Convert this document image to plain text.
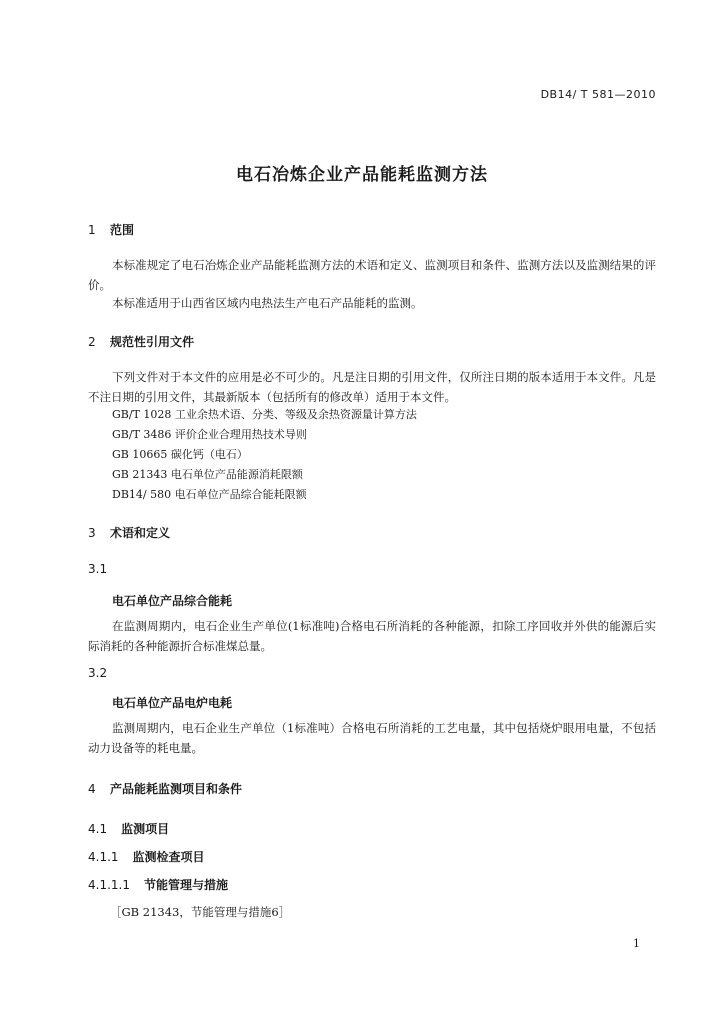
DB14/ T 581—2010
电石冶炼企业产品能耗监测方法
1 范围
本标准规定了电石冶炼企业产品能耗监测方法的术语和定义、监测项目和条件、监测方法以及监测结果的评价。
本标准适用于山西省区域内电热法生产电石产品能耗的监测。
2 规范性引用文件
下列文件对于本文件的应用是必不可少的。凡是注日期的引用文件，仅所注日期的版本适用于本文件。凡是不注日期的引用文件，其最新版本（包括所有的修改单）适用于本文件。
GB/T 1028 工业余热术语、分类、等级及余热资源量计算方法
GB/T 3486 评价企业合理用热技术导则
GB 10665 碳化钙（电石）
GB 21343 电石单位产品能源消耗限额
DB14/ 580 电石单位产品综合能耗限额
3 术语和定义
3.1
电石单位产品综合能耗
在监测周期内，电石企业生产单位(1标准吨)合格电石所消耗的各种能源，扣除工序回收并外供的能源后实际消耗的各种能源折合标准煤总量。
3.2
电石单位产品电炉电耗
监测周期内，电石企业生产单位（1标准吨）合格电石所消耗的工艺电量，其中包括烧炉眼用电量，不包括动力设备等的耗电量。
4 产品能耗监测项目和条件
4.1 监测项目
4.1.1 监测检查项目
4.1.1.1 节能管理与措施
［GB 21343，节能管理与措施6］
1
